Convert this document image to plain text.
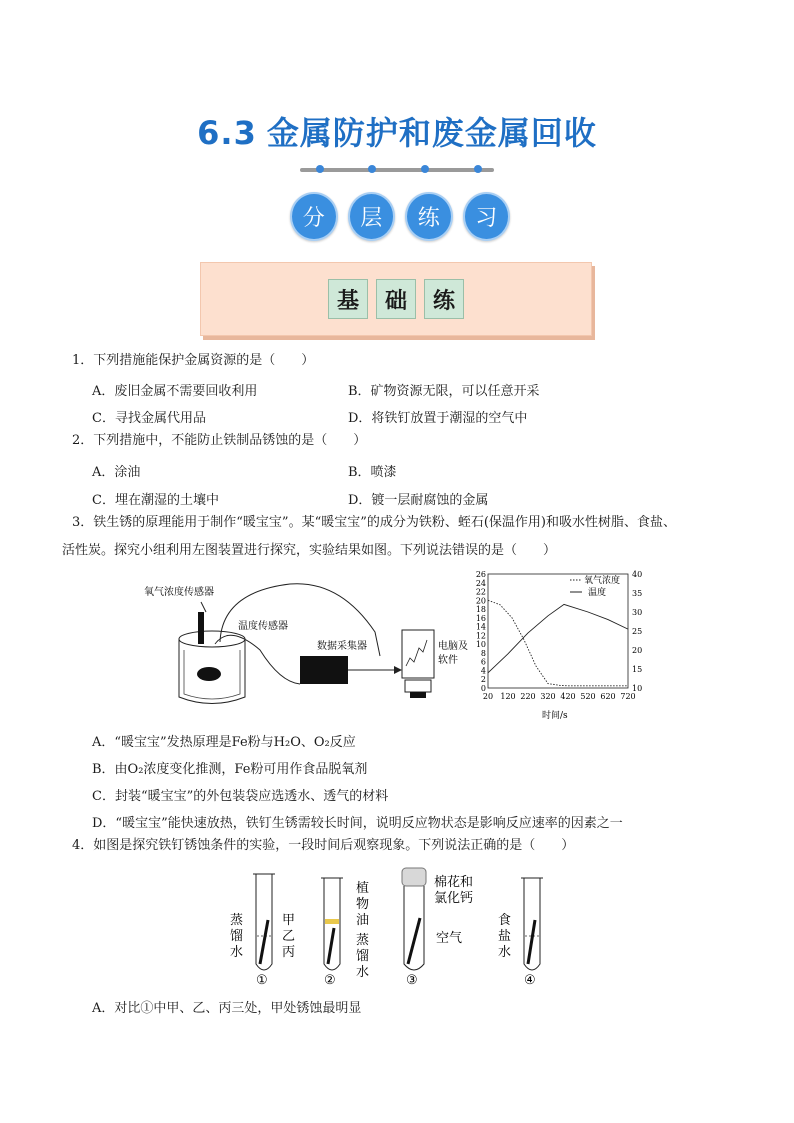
6.3 金属防护和废金属回收
分	层	练	习
基	础	练
1．下列措施能保护金属资源的是（　　）
A．废旧金属不需要回收利用	B．矿物资源无限，可以任意开采
C．寻找金属代用品	D．将铁钉放置于潮湿的空气中
2．下列措施中，不能防止铁制品锈蚀的是（　　）
A．涂油	B．喷漆
C．埋在潮湿的土壤中	D．镀一层耐腐蚀的金属
3．铁生锈的原理能用于制作“暖宝宝”。某“暖宝宝”的成分为铁粉、蛭石(保温作用)和吸水性树脂、食盐、
活性炭。探究小组利用左图装置进行探究，实验结果如图。下列说法错误的是（　　）
氧气浓度传感器
温度传感器
数据采集器	电脑及
软件
0
2
4
6
8
10
12
14
16
18
20
22
24
26
10
15
20
25
30
35
40
20 120 220 320 420 520 620 720
氧气浓度
温度
时间/s
A．“暖宝宝”发热原理是Fe粉与H₂O、O₂反应
B．由O₂浓度变化推测，Fe粉可用作食品脱氧剂
C．封装“暖宝宝”的外包装袋应选透水、透气的材料
D．“暖宝宝”能快速放热，铁钉生锈需较长时间，说明反应物状态是影响反应速率的因素之一
4．如图是探究铁钉锈蚀条件的实验，一段时间后观察现象。下列说法正确的是（　　）
蒸
馏
水
甲
乙
丙
①
植
物
油
蒸
馏
水
②
棉花和
氯化钙
空气
③
食
盐
水
④
A．对比①中甲、乙、丙三处，甲处锈蚀最明显
